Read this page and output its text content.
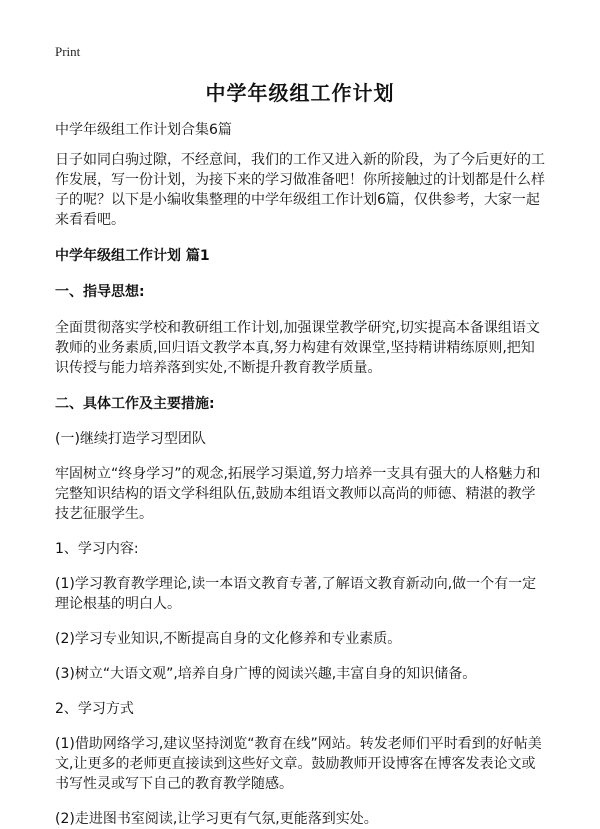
Print
中学年级组工作计划

中学年级组工作计划合集6篇

日子如同白驹过隙，不经意间，我们的工作又进入新的阶段，为了今后更好的工作发展，写一份计划，为接下来的学习做准备吧！你所接触过的计划都是什么样子的呢？以下是小编收集整理的中学年级组工作计划6篇，仅供参考，大家一起来看看吧。

中学年级组工作计划 篇1

一、指导思想:

全面贯彻落实学校和教研组工作计划,加强课堂教学研究,切实提高本备课组语文教师的业务素质,回归语文教学本真,努力构建有效课堂,坚持精讲精练原则,把知识传授与能力培养落到实处,不断提升教育教学质量。

二、具体工作及主要措施:

(一)继续打造学习型团队

牢固树立“终身学习”的观念,拓展学习渠道,努力培养一支具有强大的人格魅力和完整知识结构的语文学科组队伍,鼓励本组语文教师以高尚的师德、精湛的教学技艺征服学生。

1、学习内容:

(1)学习教育教学理论,读一本语文教育专著,了解语文教育新动向,做一个有一定理论根基的明白人。

(2)学习专业知识,不断提高自身的文化修养和专业素质。

(3)树立“大语文观”,培养自身广博的阅读兴趣,丰富自身的知识储备。

2、学习方式

(1)借助网络学习,建议坚持浏览“教育在线”网站。转发老师们平时看到的好帖美文,让更多的老师更直接读到这些好文章。鼓励教师开设博客在博客发表论文或书写性灵或写下自己的教育教学随感。

(2)走进图书室阅读,让学习更有气氛,更能落到实处。
